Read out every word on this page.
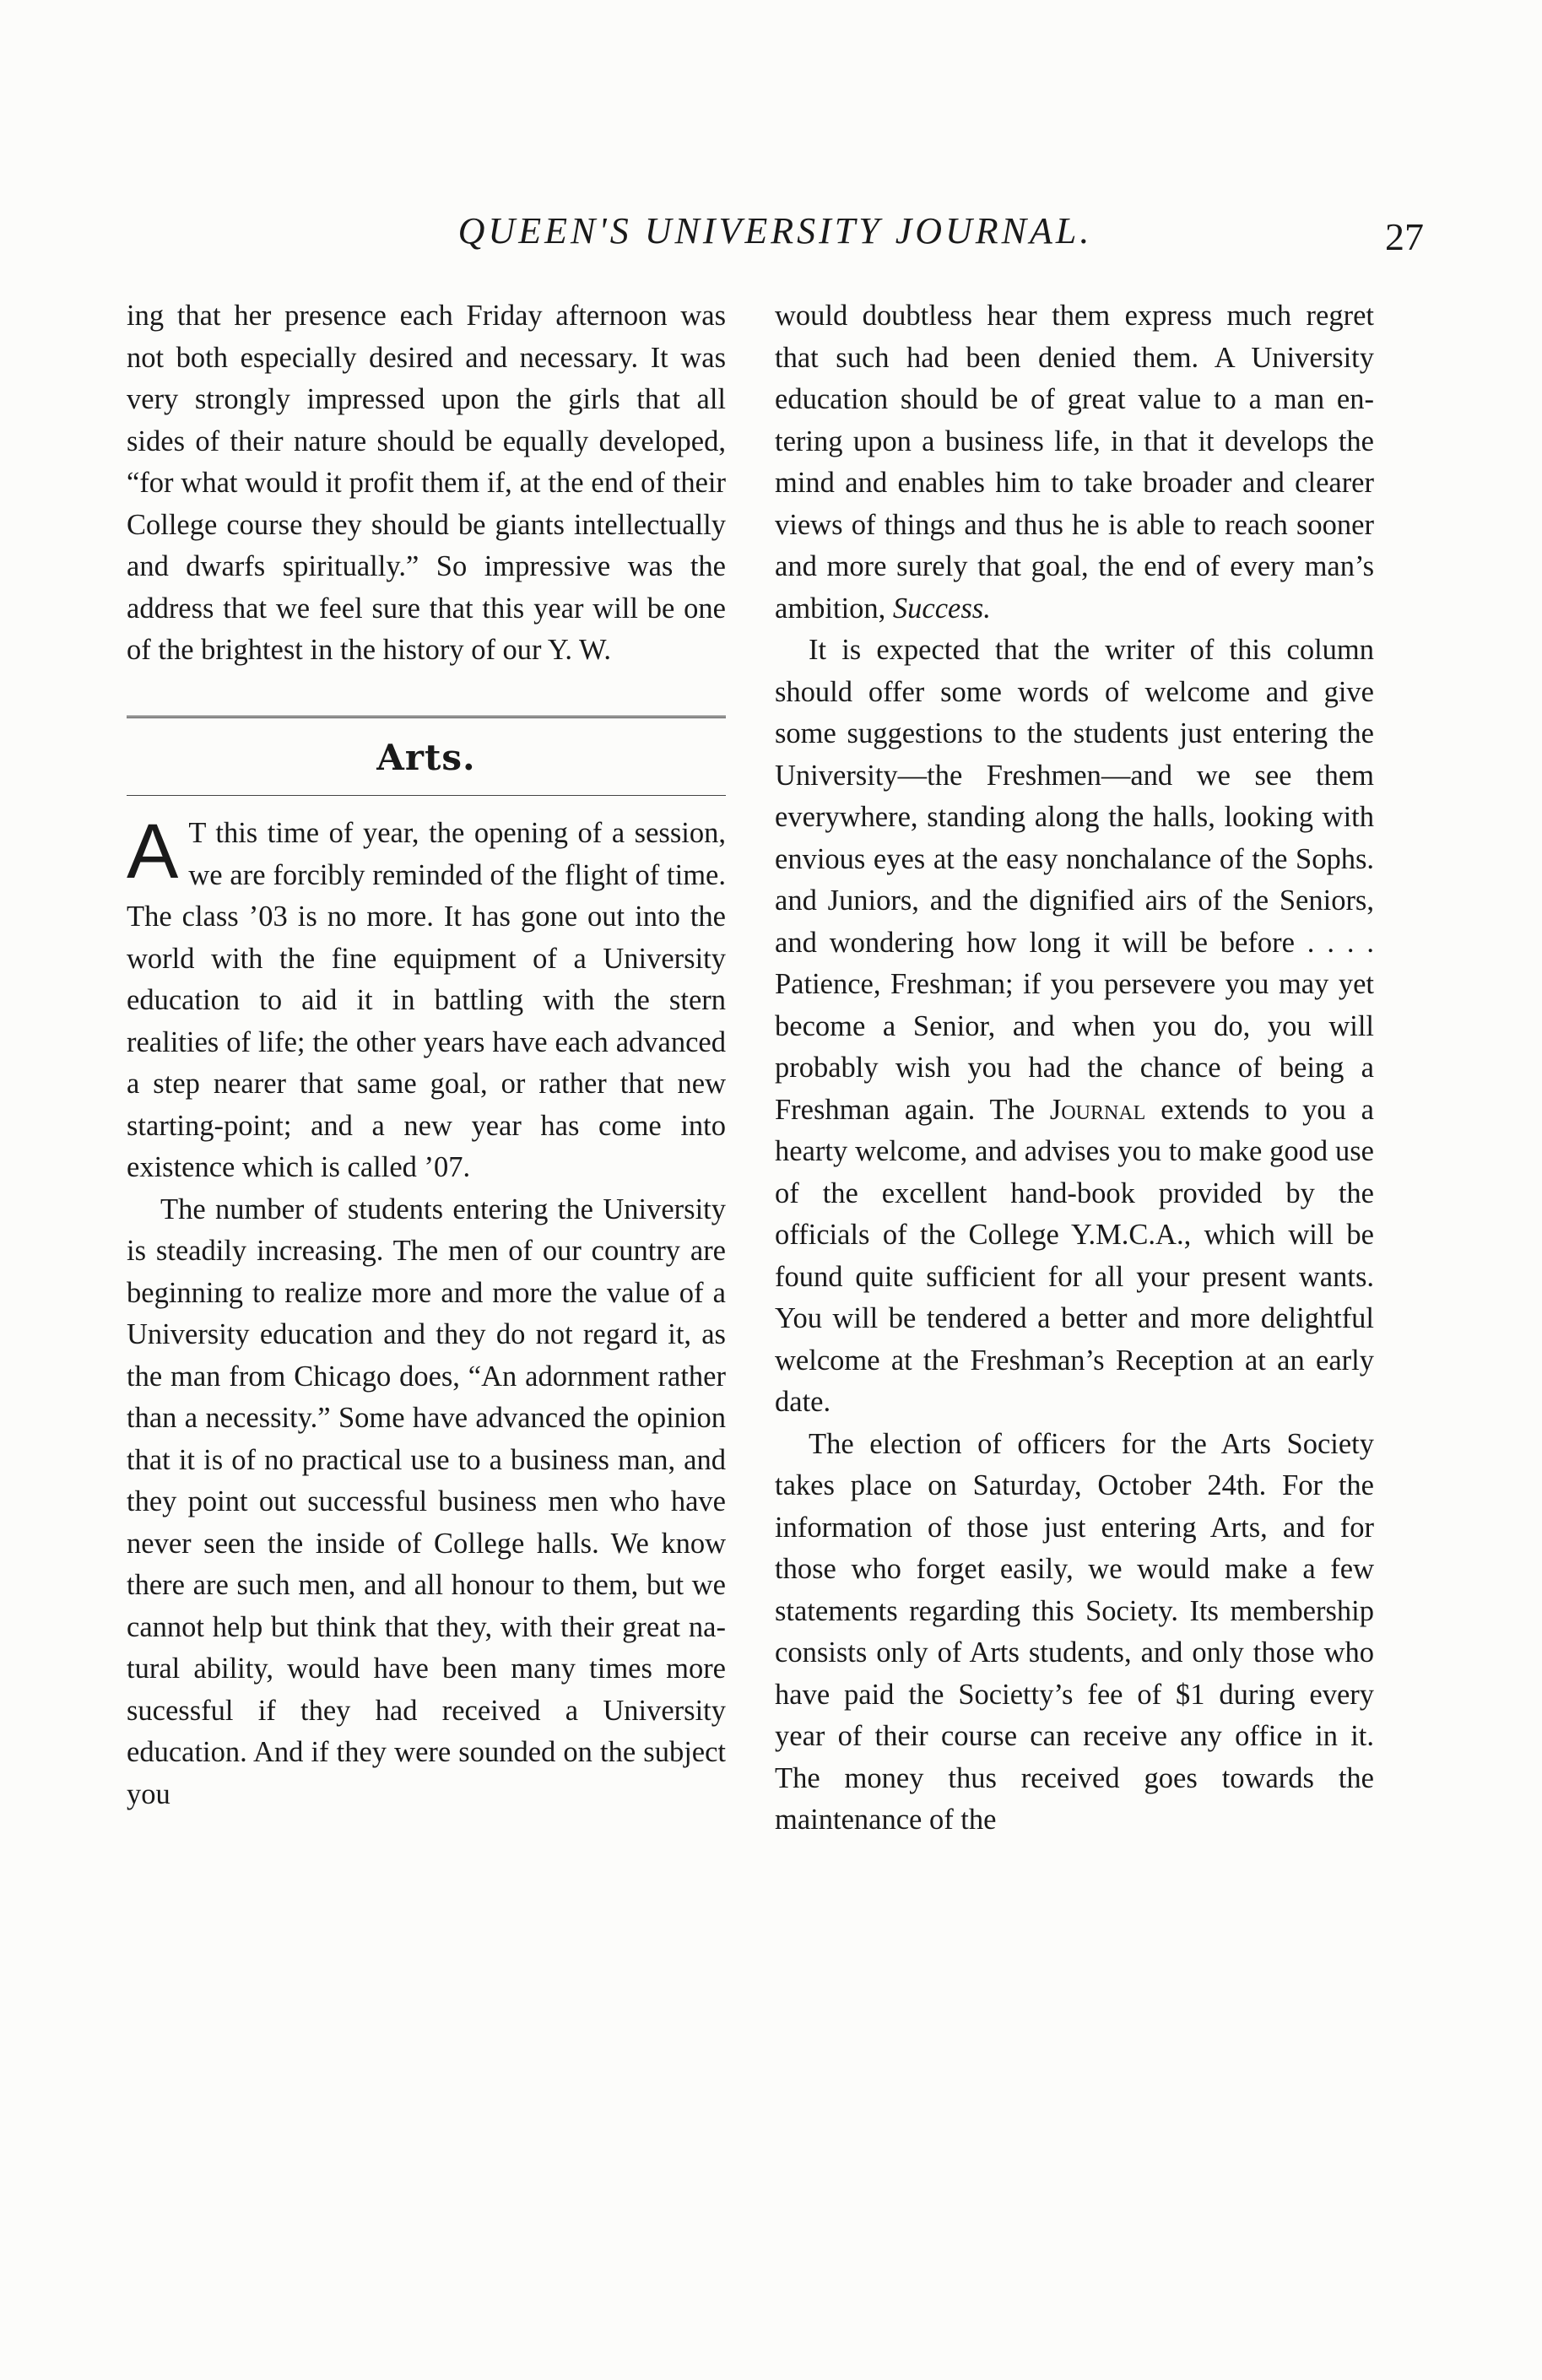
QUEEN'S UNIVERSITY JOURNAL.	27

ing that her presence each Friday afternoon was not both especially desired and necessary. It was very strongly impressed upon the girls that all sides of their nature should be equally developed, “for what would it profit them if, at the end of their College course they should be giants intellectually and dwarfs spiritually.” So impressive was the address that we feel sure that this year will be one of the brightest in the history of our Y. W.

Arts.

A T this time of year, the opening of a session, we are forcibly reminded of the flight of time. The class ’03 is no more. It has gone out into the world with the fine equipment of a University education to aid it in battling with the stern realities of life; the other years have each advanced a step nearer that same goal, or rather that new starting-point; and a new year has come into existence which is called ’07.

The number of students entering the University is steadily increasing. The men of our country are beginning to realize more and more the value of a University education and they do not regard it, as the man from Chicago does, “An adornment rather than a necessity.” Some have advanced the opinion that it is of no practical use to a business man, and they point out successful business men who have never seen the inside of College halls. We know there are such men, and all honour to them, but we cannot help but think that they, with their great natural ability, would have been many times more sucessful if they had received a University education. And if they were sounded on the subject you

would doubtless hear them express much regret that such had been denied them. A University education should be of great value to a man entering upon a business life, in that it develops the mind and enables him to take broader and clearer views of things and thus he is able to reach sooner and more surely that goal, the end of every man’s ambition, Success.

It is expected that the writer of this column should offer some words of welcome and give some suggestions to the students just entering the University—the Freshmen—and we see them everywhere, standing along the halls, looking with envious eyes at the easy nonchalance of the Sophs. and Juniors, and the dignified airs of the Seniors, and wondering how long it will be before . . . . Patience, Freshman; if you persevere you may yet become a Senior, and when you do, you will probably wish you had the chance of being a Freshman again. The Journal extends to you a hearty welcome, and advises you to make good use of the excellent hand-book provided by the officials of the College Y.M.C.A., which will be found quite sufficient for all your present wants. You will be tendered a better and more delightful welcome at the Freshman’s Reception at an early date.

The election of officers for the Arts Society takes place on Saturday, October 24th. For the information of those just entering Arts, and for those who forget easily, we would make a few statements regarding this Society. Its membership consists only of Arts students, and only those who have paid the Societty’s fee of $1 during every year of their course can receive any office in it. The money thus received goes towards the maintenance of the
